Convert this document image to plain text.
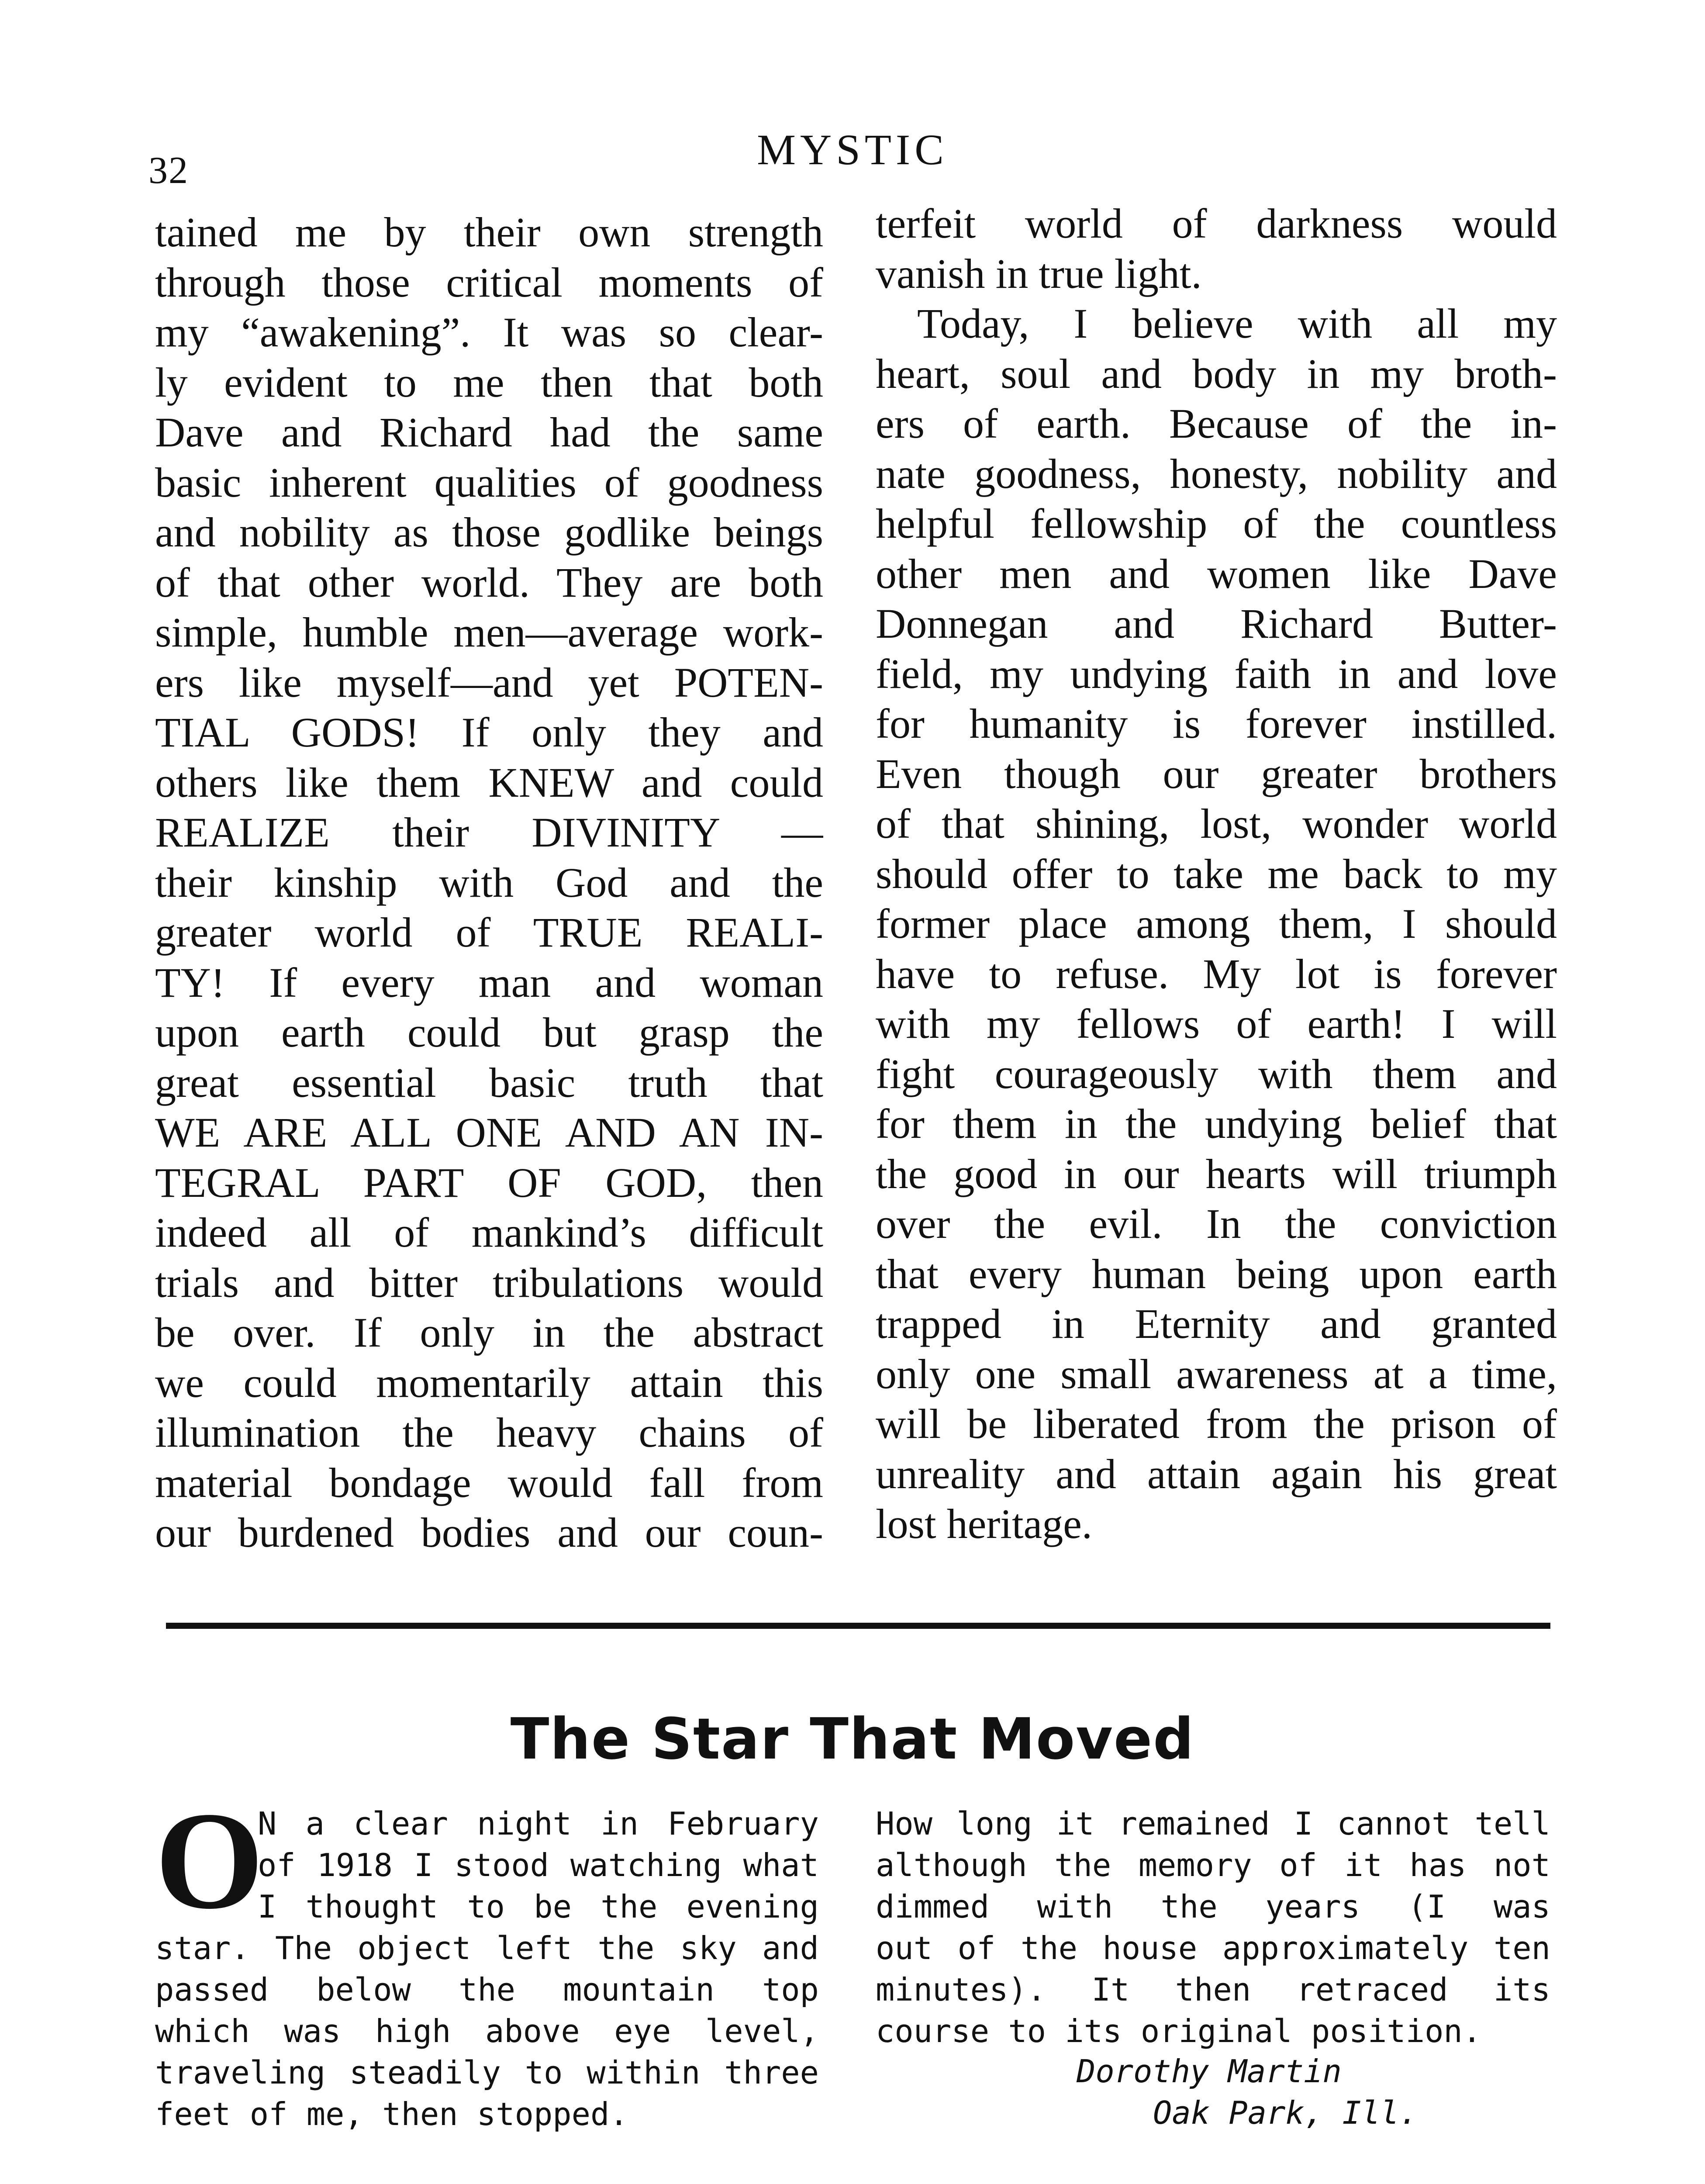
32	MYSTIC
tained me by their own strength
through those critical moments of
my “awakening”. It was so clear-
ly evident to me then that both
Dave and Richard had the same
basic inherent qualities of goodness
and nobility as those godlike beings
of that other world. They are both
simple, humble men—average work-
ers like myself—and yet POTEN-
TIAL GODS! If only they and
others like them KNEW and could
REALIZE their DIVINITY —
their kinship with God and the
greater world of TRUE REALI-
TY! If every man and woman
upon earth could but grasp the
great essential basic truth that
WE ARE ALL ONE AND AN IN-
TEGRAL PART OF GOD, then
indeed all of mankind’s difficult
trials and bitter tribulations would
be over. If only in the abstract
we could momentarily attain this
illumination the heavy chains of
material bondage would fall from
our burdened bodies and our coun-
terfeit world of darkness would
vanish in true light.
Today, I believe with all my
heart, soul and body in my broth-
ers of earth. Because of the in-
nate goodness, honesty, nobility and
helpful fellowship of the countless
other men and women like Dave
Donnegan and Richard Butter-
field, my undying faith in and love
for humanity is forever instilled.
Even though our greater brothers
of that shining, lost, wonder world
should offer to take me back to my
former place among them, I should
have to refuse. My lot is forever
with my fellows of earth! I will
fight courageously with them and
for them in the undying belief that
the good in our hearts will triumph
over the evil. In the conviction
that every human being upon earth
trapped in Eternity and granted
only one small awareness at a time,
will be liberated from the prison of
unreality and attain again his great
lost heritage.
The Star That Moved
O
N a clear night in February
of 1918 I stood watching what
I thought to be the evening
star. The object left the sky and
passed below the mountain top
which was high above eye level,
traveling steadily to within three
feet of me, then stopped.
How long it remained I cannot tell
although the memory of it has not
dimmed with the years (I was
out of the house approximately ten
minutes). It then retraced its
course to its original position.
Dorothy Martin
Oak Park, Ill.
